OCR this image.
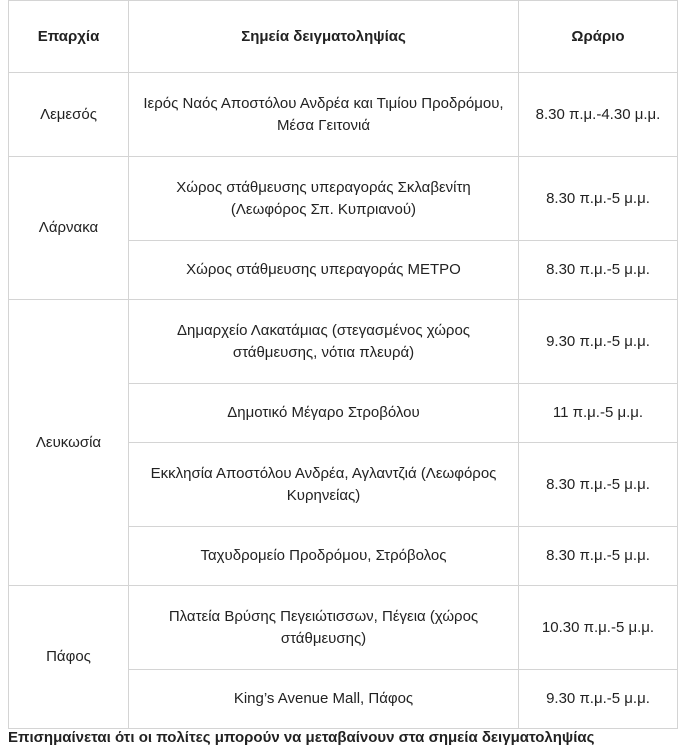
Επαρχία	Σημεία δειγματοληψίας	Ωράριο
Λεμεσός	Ιερός Ναός Αποστόλου Ανδρέα και Τιμίου Προδρόμου, Μέσα Γειτονιά	8.30 π.μ.-4.30 μ.μ.
Λάρνακα	Χώρος στάθμευσης υπεραγοράς Σκλαβενίτη (Λεωφόρος Σπ. Κυπριανού)	8.30 π.μ.-5 μ.μ.
	Χώρος στάθμευσης υπεραγοράς ΜΕΤΡΟ	8.30 π.μ.-5 μ.μ.
Λευκωσία	Δημαρχείο Λακατάμιας (στεγασμένος χώρος στάθμευσης, νότια πλευρά)	9.30 π.μ.-5 μ.μ.
	Δημοτικό Μέγαρο Στροβόλου	11 π.μ.-5 μ.μ.
	Εκκλησία Αποστόλου Ανδρέα, Αγλαντζιά (Λεωφόρος Κυρηνείας)	8.30 π.μ.-5 μ.μ.
	Ταχυδρομείο Προδρόμου, Στρόβολος	8.30 π.μ.-5 μ.μ.
Πάφος	Πλατεία Βρύσης Πεγειώτισσων, Πέγεια (χώρος στάθμευσης)	10.30 π.μ.-5 μ.μ.
	King’s Avenue Mall, Πάφος	9.30 π.μ.-5 μ.μ.
Επισημαίνεται ότι οι πολίτες μπορούν να μεταβαίνουν στα σημεία δειγματοληψίας
